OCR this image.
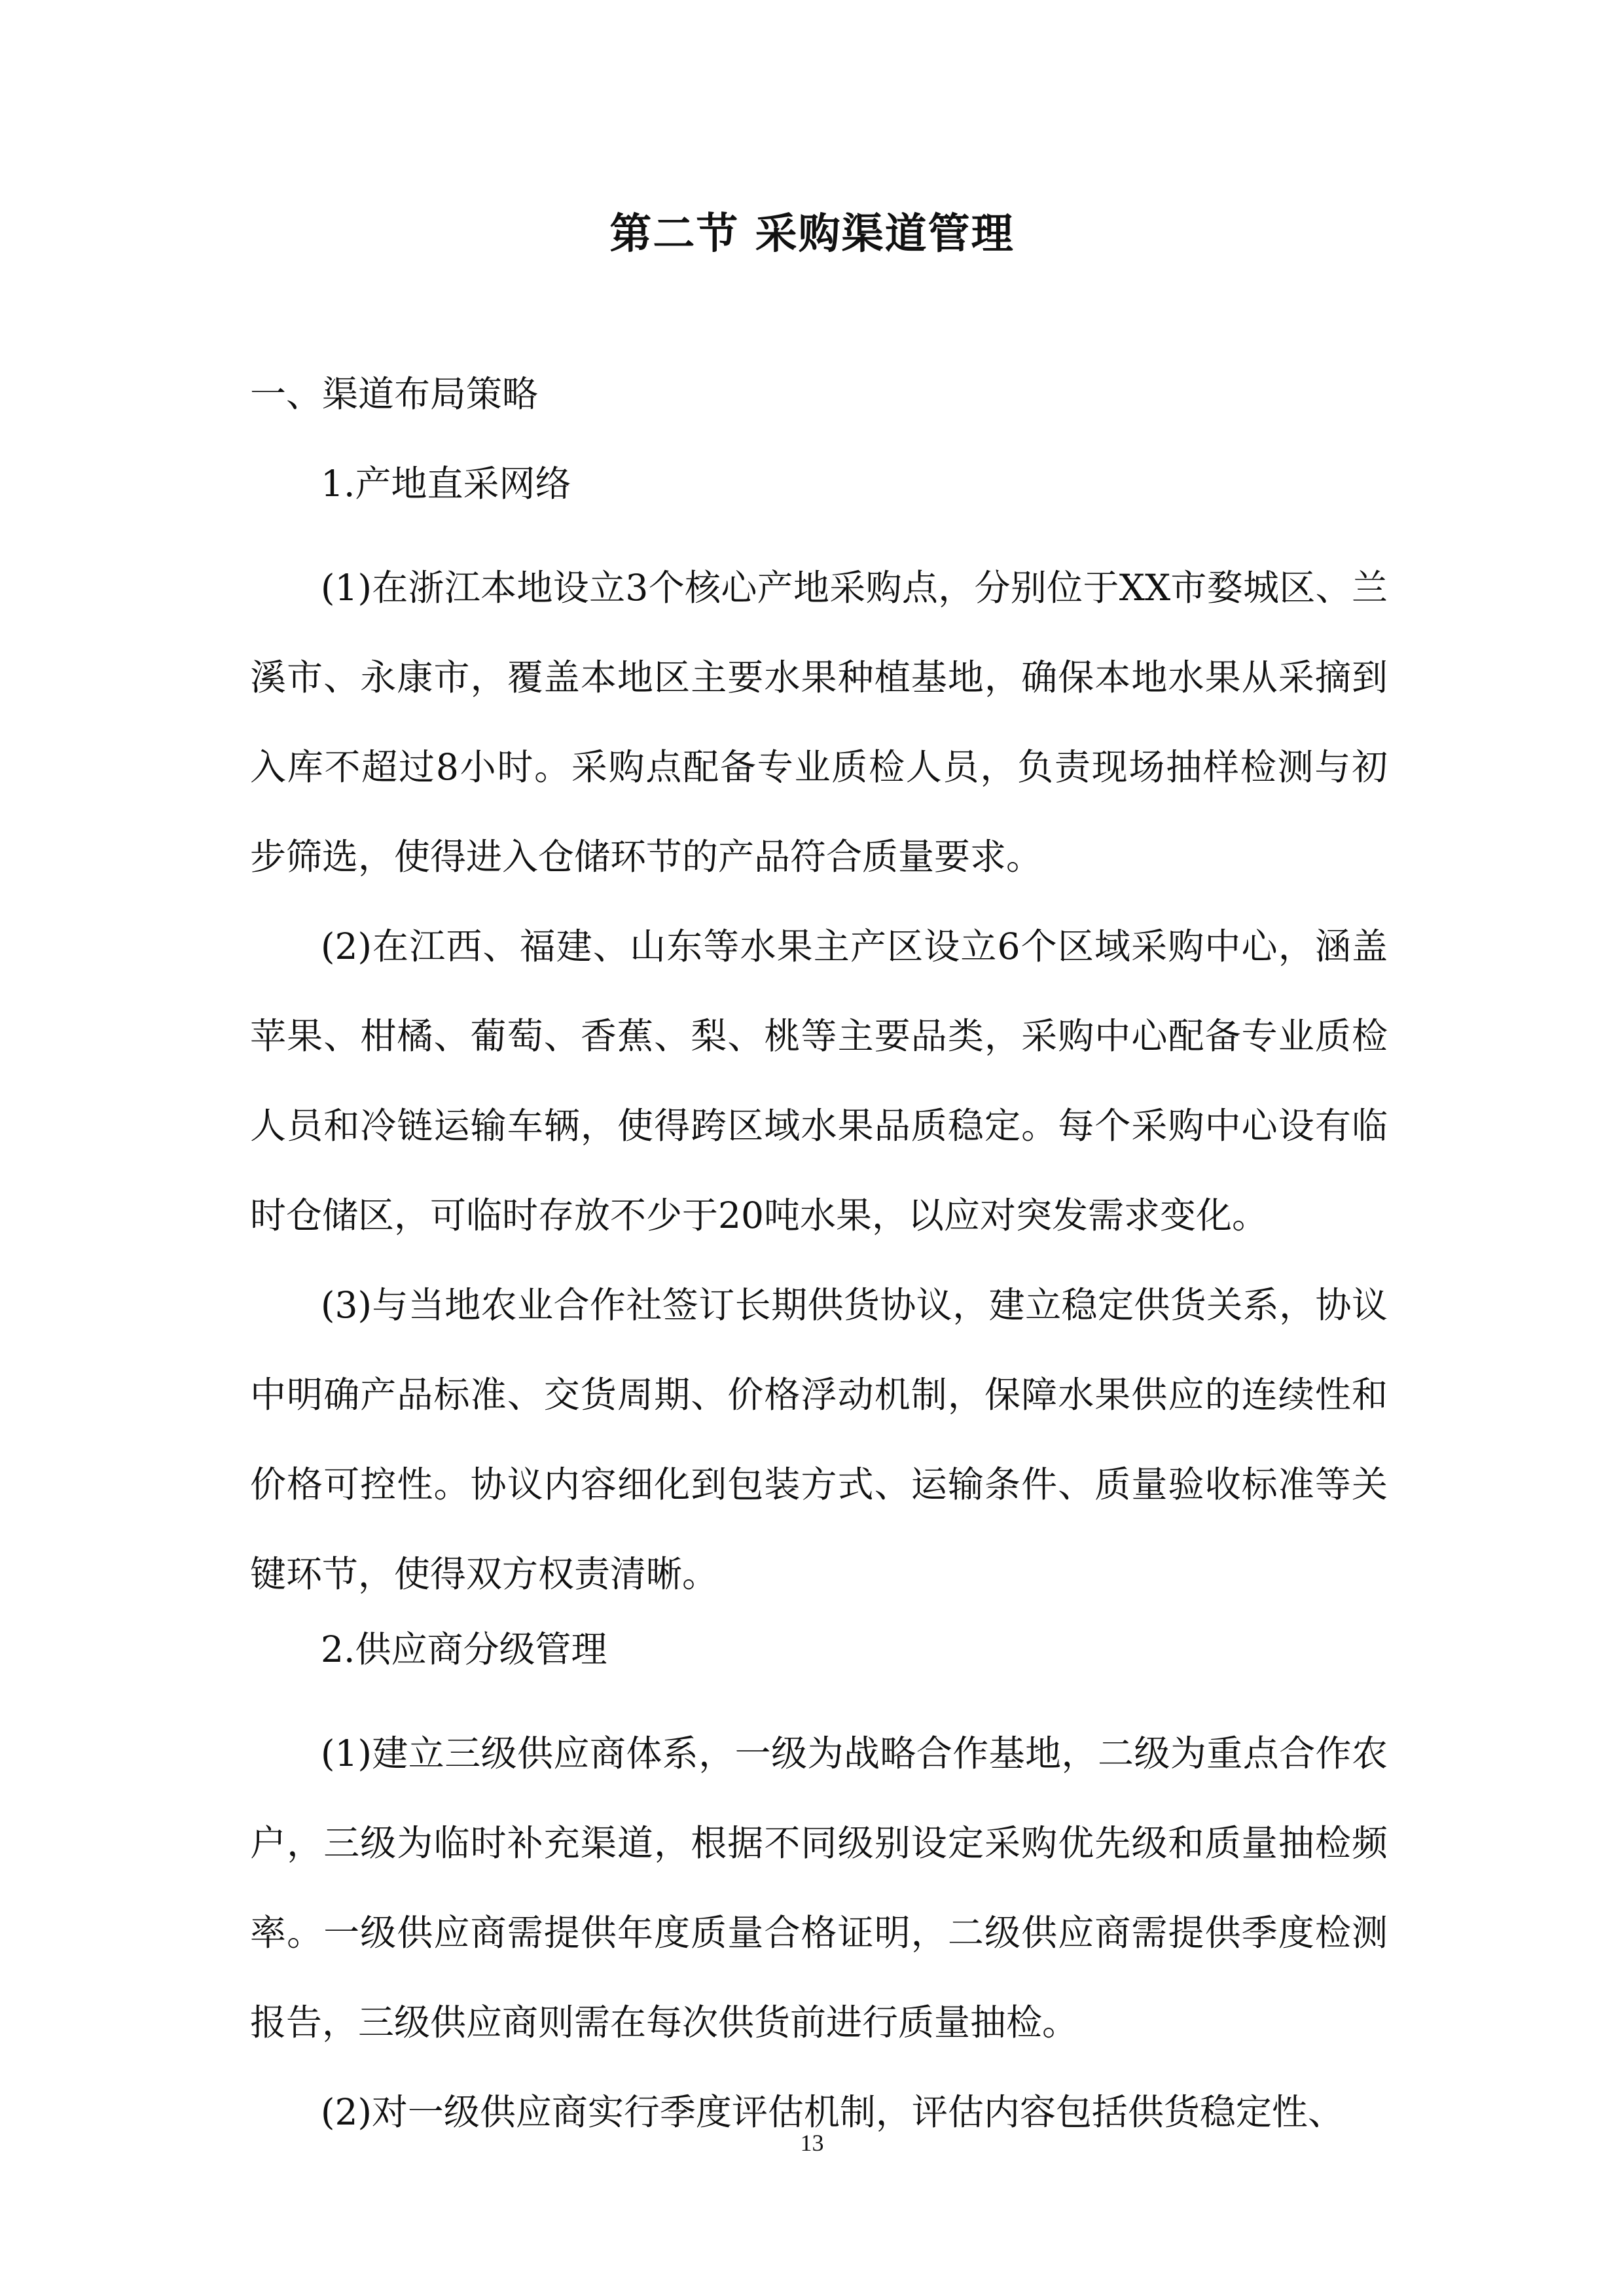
第二节 采购渠道管理

一、渠道布局策略

1.产地直采网络

(1)在浙江本地设立3个核心产地采购点，分别位于XX市婺城区、兰溪市、永康市，覆盖本地区主要水果种植基地，确保本地水果从采摘到入库不超过8小时。采购点配备专业质检人员，负责现场抽样检测与初步筛选，使得进入仓储环节的产品符合质量要求。

(2)在江西、福建、山东等水果主产区设立6个区域采购中心，涵盖苹果、柑橘、葡萄、香蕉、梨、桃等主要品类，采购中心配备专业质检人员和冷链运输车辆，使得跨区域水果品质稳定。每个采购中心设有临时仓储区，可临时存放不少于20吨水果，以应对突发需求变化。

(3)与当地农业合作社签订长期供货协议，建立稳定供货关系，协议中明确产品标准、交货周期、价格浮动机制，保障水果供应的连续性和价格可控性。协议内容细化到包装方式、运输条件、质量验收标准等关键环节，使得双方权责清晰。

2.供应商分级管理

(1)建立三级供应商体系，一级为战略合作基地，二级为重点合作农户，三级为临时补充渠道，根据不同级别设定采购优先级和质量抽检频率。一级供应商需提供年度质量合格证明，二级供应商需提供季度检测报告，三级供应商则需在每次供货前进行质量抽检。

(2)对一级供应商实行季度评估机制，评估内容包括供货稳定性、

13
